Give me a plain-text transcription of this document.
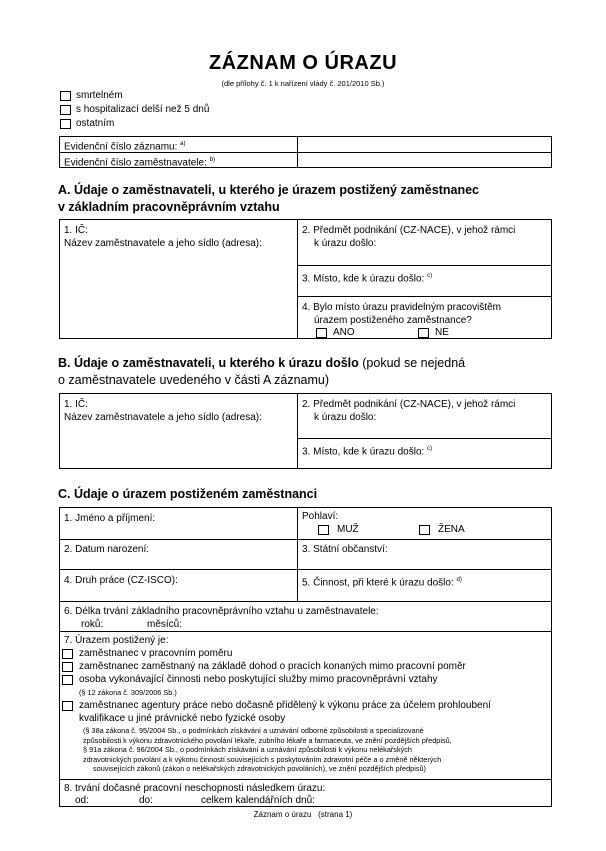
ZÁZNAM O ÚRAZU
(dle přílohy č. 1 k nařízení vlády č. 201/2010 Sb.)
smrtelném
s hospitalizací delší než 5 dnů
ostatním
Evidenční číslo záznamu: $^{a)}$
Evidenční číslo zaměstnavatele: $^{b)}$
A. Údaje o zaměstnavateli, u kterého je úrazem postižený zaměstnanec
v základním pracovněprávním vztahu
1. IČ:
Název zaměstnavatele a jeho sídlo (adresa):
2. Předmět podnikání (CZ-NACE), v jehož rámci
k úrazu došlo:
3. Místo, kde k úrazu došlo: $^{c)}$
4. Bylo místo úrazu pravidelným pracovištěm
úrazem postiženého zaměstnance?
ANO	NE
B. Údaje o zaměstnavateli, u kterého k úrazu došlo (pokud se nejedná
o zaměstnavatele uvedeného v části A záznamu)
1. IČ:
Název zaměstnavatele a jeho sídlo (adresa):
2. Předmět podnikání (CZ-NACE), v jehož rámci
k úrazu došlo:
3. Místo, kde k úrazu došlo: $^{c)}$
C. Údaje o úrazem postiženém zaměstnanci
1. Jméno a příjmení:	Pohlaví:
MUŽ	ŽENA
2. Datum narození:	3. Státní občanství:
4. Druh práce (CZ-ISCO):	5. Činnost, při které k úrazu došlo: $^{d)}$
6. Délka trvání základního pracovněprávního vztahu u zaměstnavatele:
roků:	měsíců:
7. Úrazem postižený je:
zaměstnanec v pracovním poměru
zaměstnanec zaměstnaný na základě dohod o pracích konaných mimo pracovní poměr
osoba vykonávající činnosti nebo poskytující služby mimo pracovněprávní vztahy
(§ 12 zákona č. 309/2006 Sb.)
zaměstnanec agentury práce nebo dočasně přidělený k výkonu práce za účelem prohloubení
kvalifikace u jiné právnické nebo fyzické osoby
(§ 38a zákona č. 95/2004 Sb., o podmínkách získávání a uznávání odborné způsobilosti a specializované
způsobilosti k výkonu zdravotnického povolání lékaře, zubního lékaře a farmaceuta, ve znění pozdějších předpisů,
§ 91a zákona č. 96/2004 Sb., o podmínkách získávání a uznávání způsobilosti k výkonu nelékařských
zdravotnických povolání a k výkonu činností souvisejících s poskytováním zdravotní péče a o změně některých
souvisejících zákonů (zákon o nelékařských zdravotnických povoláních), ve znění pozdějších předpisů)
8. trvání dočasné pracovní neschopnosti následkem úrazu:
od:	do:	celkem kalendářních dnů:
Záznam o úrazu   (strana 1)
